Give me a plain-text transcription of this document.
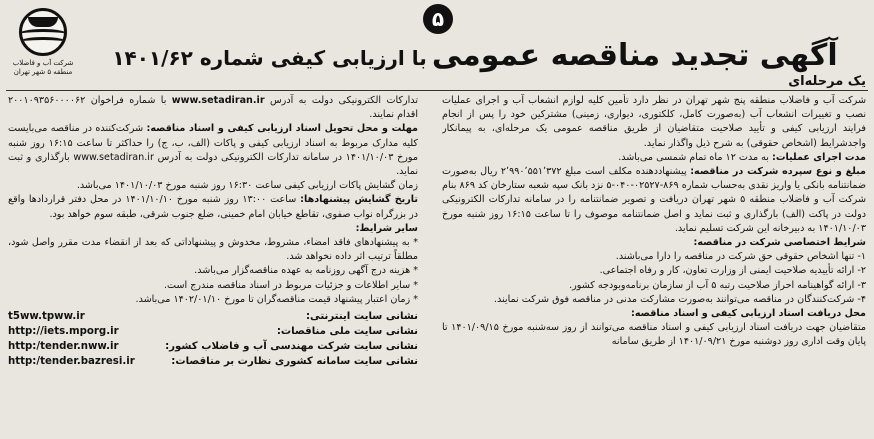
شرکت آب و فاضلاب
منطقه ۵ شهر تهران
۵
آگهی تجدید مناقصه عمومی با ارزیابی کیفی شماره ۱۴۰۱/۶۲
یک مرحله‌ای

شرکت آب و فاضلاب منطقه پنج شهر تهران در نظر دارد تأمین کلیه لوازم انشعاب آب و اجرای عملیات نصب و تغییرات انشعاب آب (به‌صورت کامل، کلکتوری، دیواری، زمینی) مشترکین خود را پس از انجام فرایند ارزیابی کیفی و تأیید صلاحیت متقاضیان از طریق مناقصه عمومی یک مرحله‌ای، به پیمانکار واجدشرایط (اشخاص حقوقی) به شرح ذیل واگذار نماید.

مدت اجرای عملیات: به مدت ۱۲ ماه تمام شمسی می‌باشد.

مبلغ و نوع سپرده شرکت در مناقصه: پیشنهاددهنده مکلف است مبلغ ۲٬۹۹۰٬۵۵۱٬۳۷۲ ریال به‌صورت ضمانتنامه بانکی یا واریز نقدی به‌حساب شماره ۸۶۹-۰۲۵۲۷-۰۴۰-۵ نزد بانک سپه شعبه ستارخان کد ۸۶۹ بنام شرکت آب و فاضلاب منطقه ۵ شهر تهران دریافت و تصویر ضمانتنامه را در سامانه تدارکات الکترونیکی دولت در پاکت (الف) بارگذاری و ثبت نماید و اصل ضمانتنامه موصوف را تا ساعت ۱۶:۱۵ روز شنبه مورخ ۱۴۰۱/۱۰/۰۳ به دبیرخانه این شرکت تسلیم نماید.

شرایط اختصاصی شرکت در مناقصه:

۱- تنها اشخاص حقوقی حق شرکت در مناقصه را دارا می‌باشند.

۲- ارائه تأییدیه صلاحیت ایمنی از وزارت تعاون، کار و رفاه اجتماعی.

۳- ارائه گواهینامه احراز صلاحیت رتبه ۵ آب از سازمان برنامه‌وبودجه کشور.

۴- شرکت‌کنندگان در مناقصه می‌توانند به‌صورت مشارکت مدنی در مناقصه فوق شرکت نمایند.

محل دریافت اسناد ارزیابی کیفی و اسناد مناقصه:

متقاضیان جهت دریافت اسناد ارزیابی کیفی و اسناد مناقصه می‌توانند از روز سه‌شنبه مورخ ۱۴۰۱/۰۹/۱۵ تا پایان وقت اداری روز دوشنبه مورخ ۱۴۰۱/۰۹/۲۱ از طریق سامانه

تدارکات الکترونیکی دولت به آدرس www.setadiran.ir با شماره فراخوان ۲۰۰۱۰۹۳۵۶۰۰۰۰۶۲ اقدام نمایند.

مهلت و محل تحویل اسناد ارزیابی کیفی و اسناد مناقصه: شرکت‌کننده در مناقصه می‌بایست کلیه مدارک مربوط به اسناد ارزیابی کیفی و پاکات (الف، ب، ج) را حداکثر تا ساعت ۱۶:۱۵ روز شنبه مورخ ۱۴۰۱/۱۰/۰۳ در سامانه تدارکات الکترونیکی دولت به آدرس www.setadiran.ir بارگذاری و ثبت نماید.

زمان گشایش پاکات ارزیابی کیفی ساعت ۱۶:۳۰ روز شنبه مورخ ۱۴۰۱/۱۰/۰۳ می‌باشد.

تاریخ گشایش پیشنهادها: ساعت ۱۳:۰۰ روز شنبه مورخ ۱۴۰۱/۱۰/۱۰ در محل دفتر قراردادها واقع در بزرگراه نواب صفوی، تقاطع خیابان امام خمینی، ضلع جنوب شرقی، طبقه سوم خواهد بود.

سایر شرایط:

* به پیشنهادهای فاقد امضاء، مشروط، مخدوش و پیشنهاداتی که بعد از انقضاء مدت مقرر واصل شود، مطلقاً ترتیب اثر داده نخواهد شد.

* هزینه درج آگهی روزنامه به عهده مناقصه‌گزار می‌باشد.

* سایر اطلاعات و جزئیات مربوط در اسناد مناقصه مندرج است.

* زمان اعتبار پیشنهاد قیمت مناقصه‌گران تا مورخ ۱۴۰۲/۰۱/۱۰ می‌باشد.

نشانی سایت اینترنتی:
t5ww.tpww.ir
نشانی سایت ملی مناقصات:
http://iets.mporg.ir
نشانی سایت شرکت مهندسی آب و فاضلاب کشور:
http:/tender.nww.ir
نشانی سایت سامانه کشوری نظارت بر مناقصات:
http:/tender.bazresi.ir
